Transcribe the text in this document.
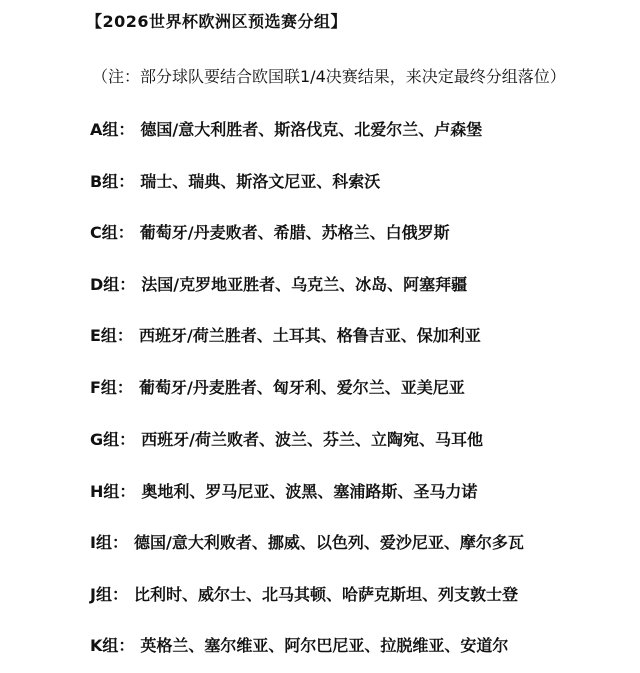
【2026世界杯欧洲区预选赛分组】
（注：部分球队要结合欧国联1/4决赛结果，来决定最终分组落位）
A组： 德国/意大利胜者、斯洛伐克、北爱尔兰、卢森堡
B组： 瑞士、瑞典、斯洛文尼亚、科索沃
C组： 葡萄牙/丹麦败者、希腊、苏格兰、白俄罗斯
D组： 法国/克罗地亚胜者、乌克兰、冰岛、阿塞拜疆
E组： 西班牙/荷兰胜者、土耳其、格鲁吉亚、保加利亚
F组： 葡萄牙/丹麦胜者、匈牙利、爱尔兰、亚美尼亚
G组： 西班牙/荷兰败者、波兰、芬兰、立陶宛、马耳他
H组： 奥地利、罗马尼亚、波黑、塞浦路斯、圣马力诺
I组： 德国/意大利败者、挪威、以色列、爱沙尼亚、摩尔多瓦
J组： 比利时、威尔士、北马其顿、哈萨克斯坦、列支敦士登
K组： 英格兰、塞尔维亚、阿尔巴尼亚、拉脱维亚、安道尔
